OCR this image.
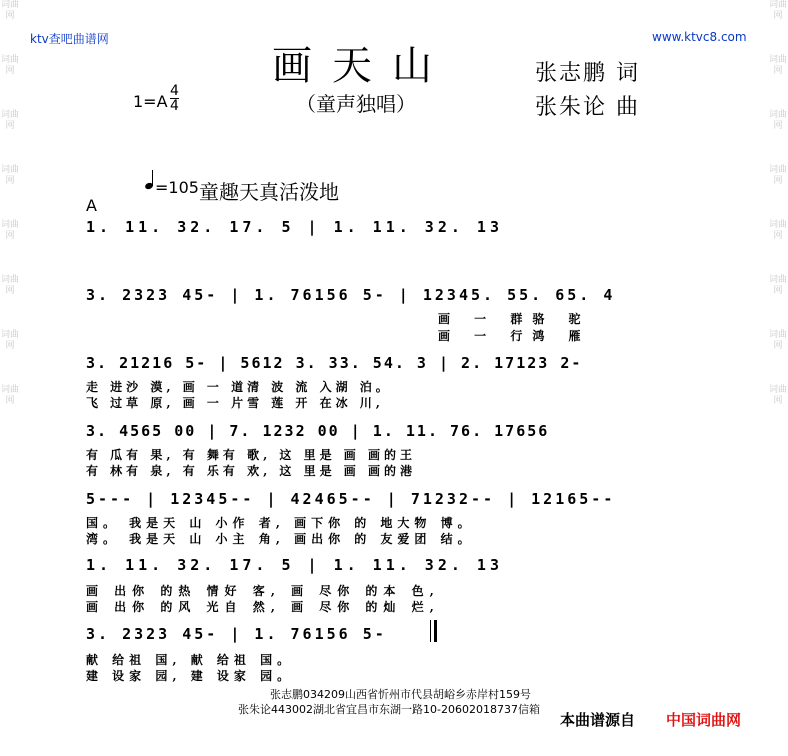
词曲网

词曲网

词曲网

词曲网

词曲网

词曲网

词曲网

词曲网

词曲网

词曲网

词曲网

词曲网

词曲网

词曲网

词曲网

词曲网

ktv查吧曲谱网	www.ktvc8.com
画天山
（童声独唱）
张志鹏 词
张朱论 曲
1=A
4
4
=105 童趣天真活泼地
A
1. 11. 32. 17. 5 | 1. 11. 32. 13
3. 2323 45- | 1. 76156 5- | 12345. 55. 65. 4
画 一 群骆 驼
画 一 行鸿 雁
3. 21216 5- | 5612 3. 33. 54. 3 | 2. 17123 2-
走 进沙 漠, 画 一 道清 波 流 入湖 泊。
飞 过草 原, 画 一 片雪 莲 开 在冰 川,
3. 4565 00 | 7. 1232 00 | 1. 11. 76. 17656
有 瓜有 果, 有 舞有 歌, 这 里是 画 画的王
有 林有 泉, 有 乐有 欢, 这 里是 画 画的港
5--- | 12345-- | 42465-- | 71232-- | 12165--
国。 我是天 山 小作 者, 画下你 的 地大物 博。
湾。 我是天 山 小主 角, 画出你 的 友爱团 结。
1. 11. 32. 17. 5 | 1. 11. 32. 13
画 出你 的热 情好 客, 画 尽你 的本 色,
画 出你 的风 光自 然, 画 尽你 的灿 烂,
3. 2323 45- | 1. 76156 5-
献 给祖 国, 献 给祖 国。
建 设家 园, 建 设家 园。
张志鹏034209山西省忻州市代县胡峪乡赤岸村159号
张朱论443002湖北省宜昌市东湖一路10-20602018737信箱
本曲谱源自 中国词曲网
